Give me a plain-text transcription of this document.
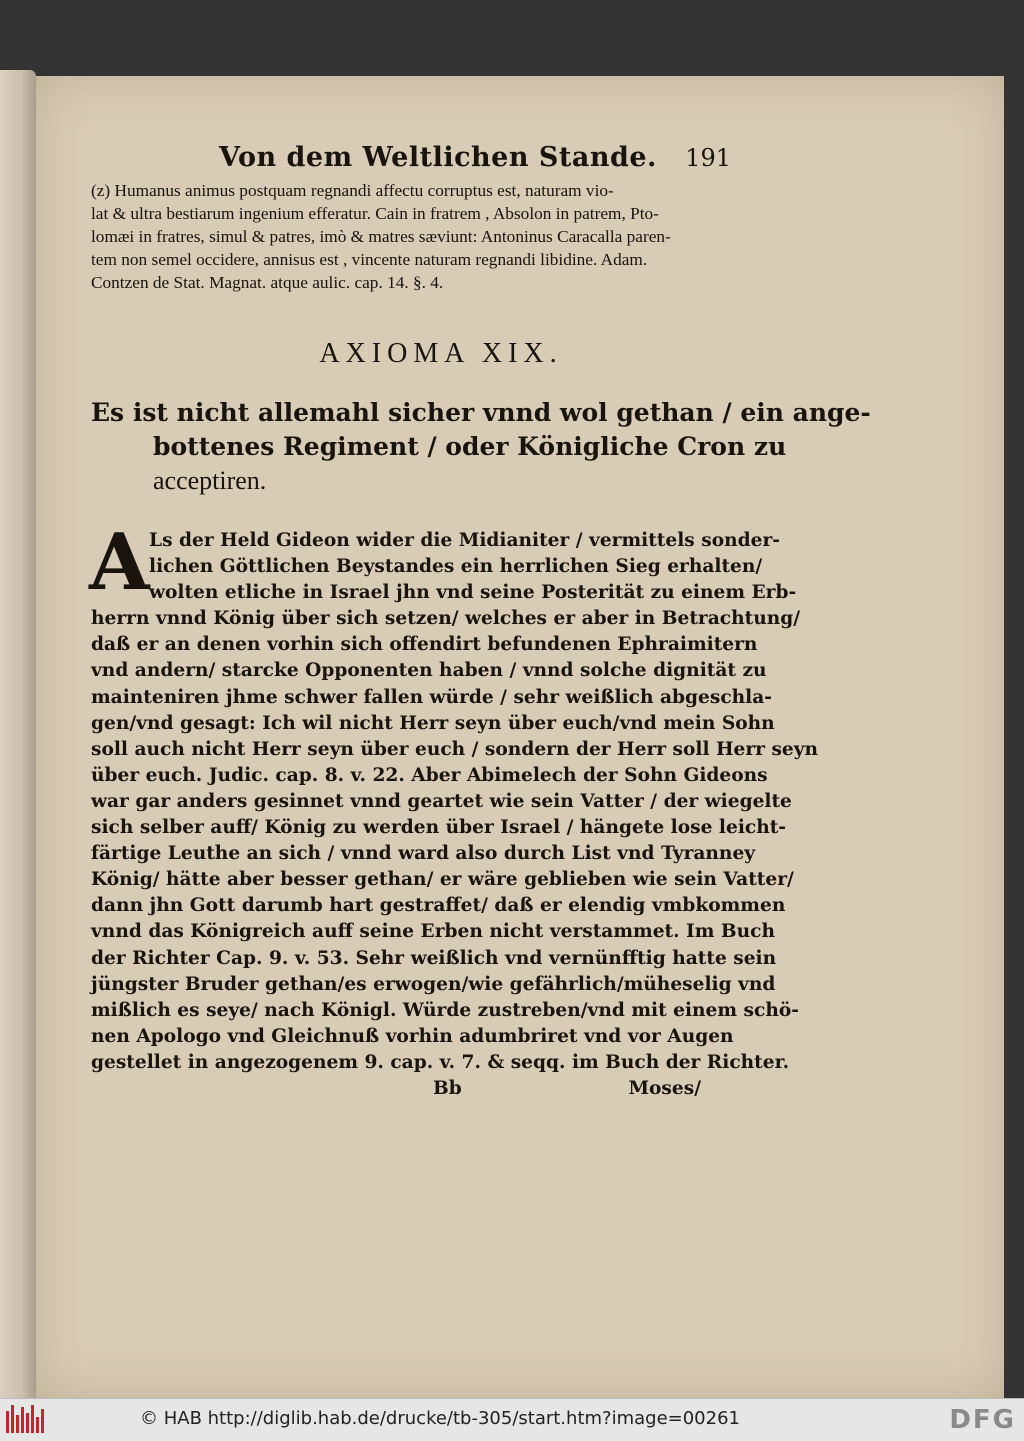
Von dem Weltlichen Stande. 191

(z) Humanus animus postquam regnandi affectu corruptus est, naturam vio-

lat & ultra bestiarum ingenium efferatur. Cain in fratrem , Absolon in patrem, Pto-

lomæi in fratres, simul & patres, imò & matres sæviunt: Antoninus Caracalla paren-

tem non semel occidere, annisus est , vincente naturam regnandi libidine. Adam.

Contzen de Stat. Magnat. atque aulic. cap. 14. §. 4.

AXIOMA XIX.

Es ist nicht allemahl sicher vnnd wol gethan / ein ange-

bottenes Regiment / oder Königliche Cron zu

acceptiren.

A Ls der Held Gideon wider die Midianiter / vermittels sonder-

lichen Göttlichen Beystandes ein herrlichen Sieg erhalten/

wolten etliche in Israel jhn vnd seine Posterität zu einem Erb-

herrn vnnd König über sich setzen/ welches er aber in Betrachtung/

daß er an denen vorhin sich offendirt befundenen Ephraimitern

vnd andern/ starcke Opponenten haben / vnnd solche dignität zu

mainteniren jhme schwer fallen würde / sehr weißlich abgeschla-

gen/vnd gesagt: Ich wil nicht Herr seyn über euch/vnd mein Sohn

soll auch nicht Herr seyn über euch / sondern der Herr soll Herr seyn

über euch. Judic. cap. 8. v. 22. Aber Abimelech der Sohn Gideons

war gar anders gesinnet vnnd geartet wie sein Vatter / der wiegelte

sich selber auff/ König zu werden über Israel / hängete lose leicht-

färtige Leuthe an sich / vnnd ward also durch List vnd Tyranney

König/ hätte aber besser gethan/ er wäre geblieben wie sein Vatter/

dann jhn Gott darumb hart gestraffet/ daß er elendig vmbkommen

vnnd das Königreich auff seine Erben nicht verstammet. Im Buch

der Richter Cap. 9. v. 53. Sehr weißlich vnd vernünfftig hatte sein

jüngster Bruder gethan/es erwogen/wie gefährlich/müheselig vnd

mißlich es seye/ nach Königl. Würde zustreben/vnd mit einem schö-

nen Apologo vnd Gleichnuß vorhin adumbriret vnd vor Augen

gestellet in angezogenem 9. cap. v. 7. & seqq. im Buch der Richter.

Bb	Moses/
© HAB http://diglib.hab.de/drucke/tb-305/start.htm?image=00261	DFG
